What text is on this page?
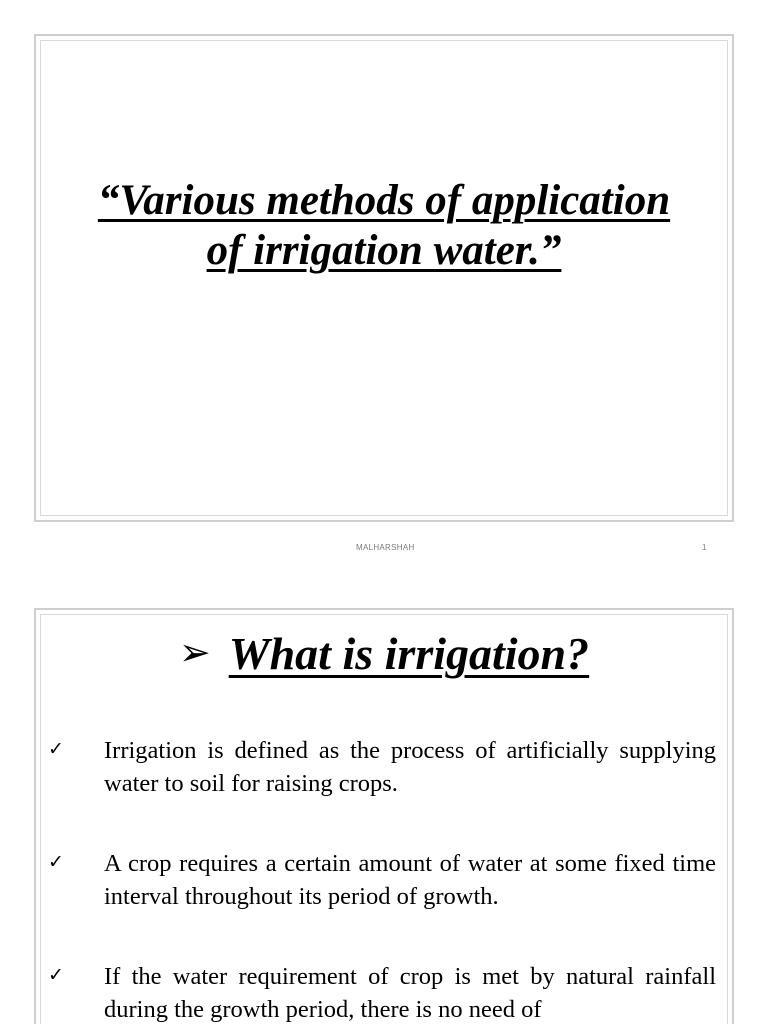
“Various methods of application
of irrigation water.”
MALHARSHAH	1
➢ What is irrigation?
✓ Irrigation is defined as the process of artificially supplying water to soil for raising crops.
✓ A crop requires a certain amount of water at some fixed time interval throughout its period of growth.
✓ If the water requirement of crop is met by natural rainfall during the growth period, there is no need of
